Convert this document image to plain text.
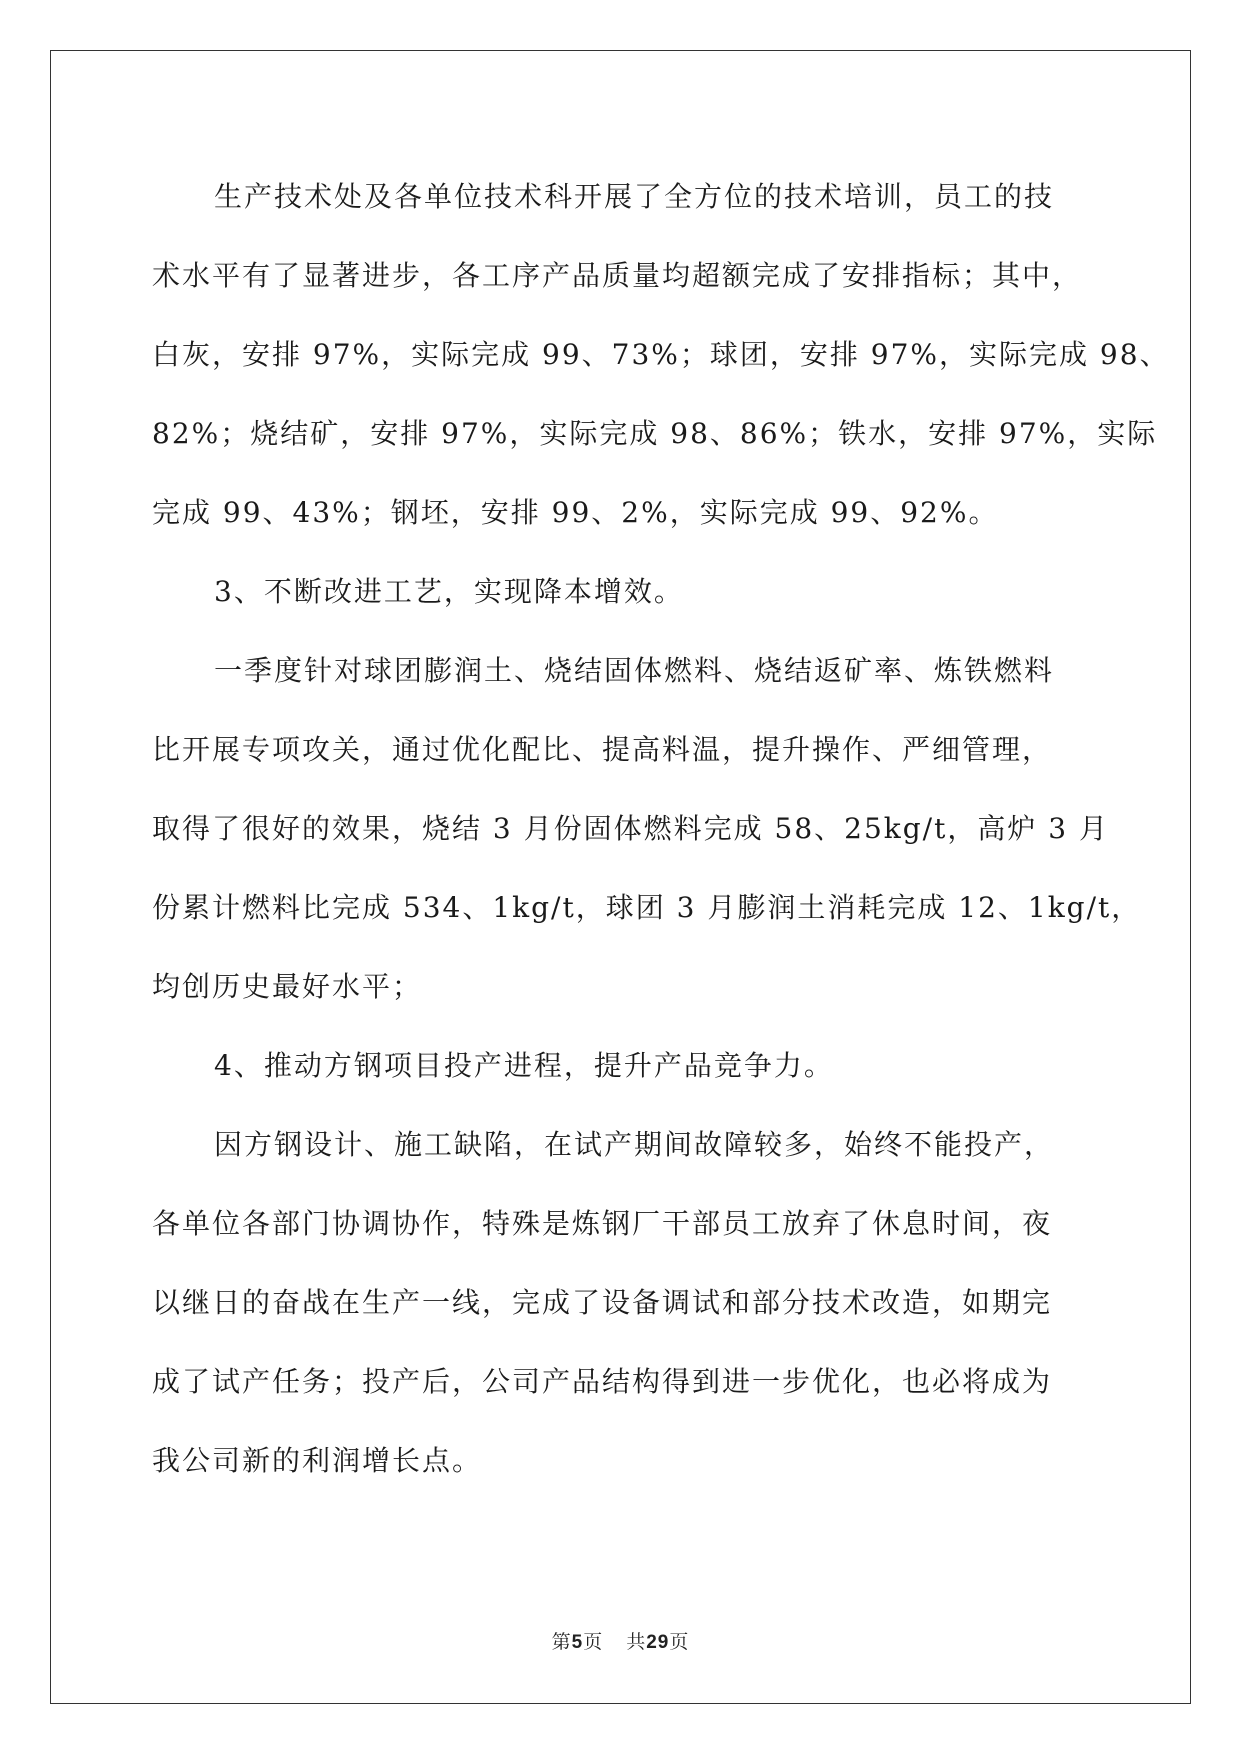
生产技术处及各单位技术科开展了全方位的技术培训，员工的技
术水平有了显著进步，各工序产品质量均超额完成了安排指标；其中，
白灰，安排 97%，实际完成 99、73%；球团，安排 97%，实际完成 98、
82%；烧结矿，安排 97%，实际完成 98、86%；铁水，安排 97%，实际
完成 99、43%；钢坯，安排 99、2%，实际完成 99、92%。

3、不断改进工艺，实现降本增效。

一季度针对球团膨润土、烧结固体燃料、烧结返矿率、炼铁燃料
比开展专项攻关，通过优化配比、提高料温，提升操作、严细管理，
取得了很好的效果，烧结 3 月份固体燃料完成 58、25kg/t，高炉 3 月
份累计燃料比完成 534、1kg/t，球团 3 月膨润土消耗完成 12、1kg/t，
均创历史最好水平；

4、推动方钢项目投产进程，提升产品竞争力。

因方钢设计、施工缺陷，在试产期间故障较多，始终不能投产，
各单位各部门协调协作，特殊是炼钢厂干部员工放弃了休息时间，夜
以继日的奋战在生产一线，完成了设备调试和部分技术改造，如期完
成了试产任务；投产后，公司产品结构得到进一步优化，也必将成为
我公司新的利润增长点。

第5页 共29页
